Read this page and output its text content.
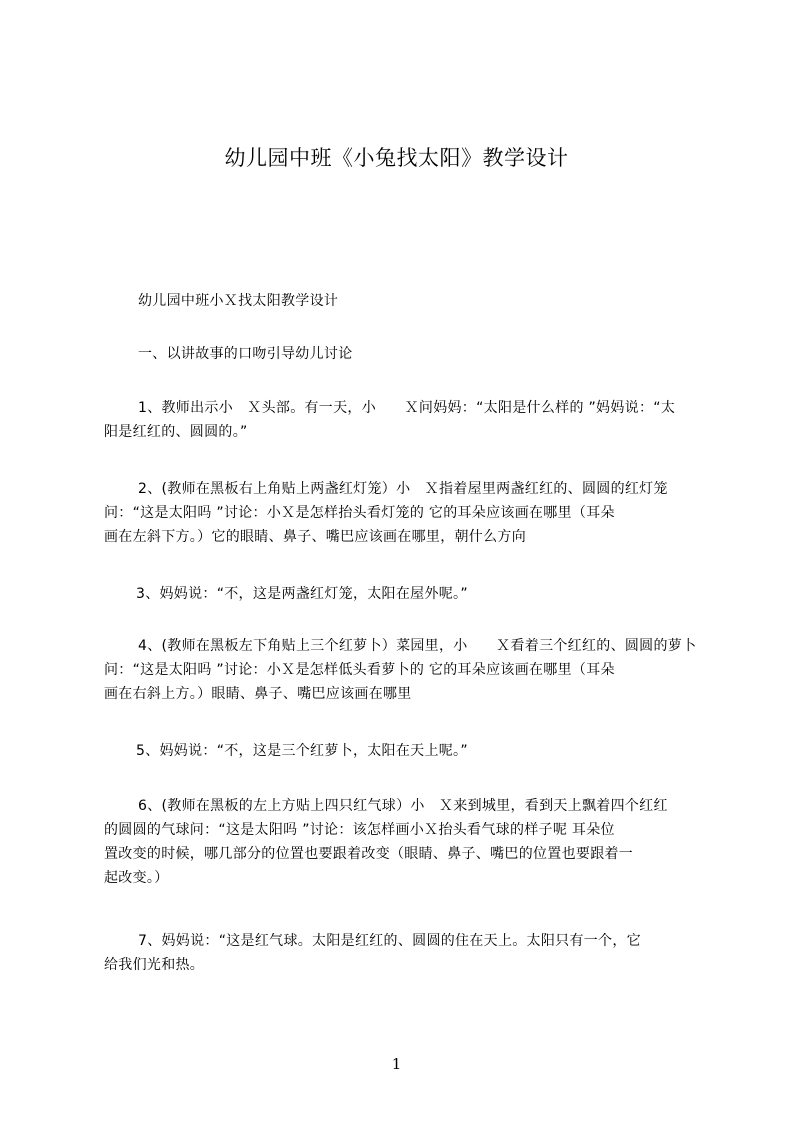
幼儿园中班《小兔找太阳》教学设计

幼儿园中班小Ｘ找太阳教学设计

一、以讲故事的口吻引导幼儿讨论

1、教师出示小　Ｘ头部。有一天，小　　Ｘ问妈妈：“太阳是什么样的 ”妈妈说：“太
阳是红红的、圆圆的。”

2、(教师在黑板右上角贴上两盏红灯笼）小　Ｘ指着屋里两盏红红的、圆圆的红灯笼
问：“这是太阳吗 ”讨论：小Ｘ是怎样抬头看灯笼的 它的耳朵应该画在哪里（耳朵
画在左斜下方。）它的眼睛、鼻子、嘴巴应该画在哪里，朝什么方向

3、妈妈说：“不，这是两盏红灯笼，太阳在屋外呢。”

4、(教师在黑板左下角贴上三个红萝卜）菜园里，小　　Ｘ看着三个红红的、圆圆的萝卜
问：“这是太阳吗 ”讨论：小Ｘ是怎样低头看萝卜的 它的耳朵应该画在哪里（耳朵
画在右斜上方。）眼睛、鼻子、嘴巴应该画在哪里

5、妈妈说：“不，这是三个红萝卜，太阳在天上呢。”

6、(教师在黑板的左上方贴上四只红气球）小　Ｘ来到城里，看到天上飘着四个红红
的圆圆的气球问：“这是太阳吗 ”讨论：该怎样画小Ｘ抬头看气球的样子呢 耳朵位
置改变的时候，哪几部分的位置也要跟着改变（眼睛、鼻子、嘴巴的位置也要跟着一
起改变。）

7、妈妈说：“这是红气球。太阳是红红的、圆圆的住在天上。太阳只有一个，它
给我们光和热。

1
